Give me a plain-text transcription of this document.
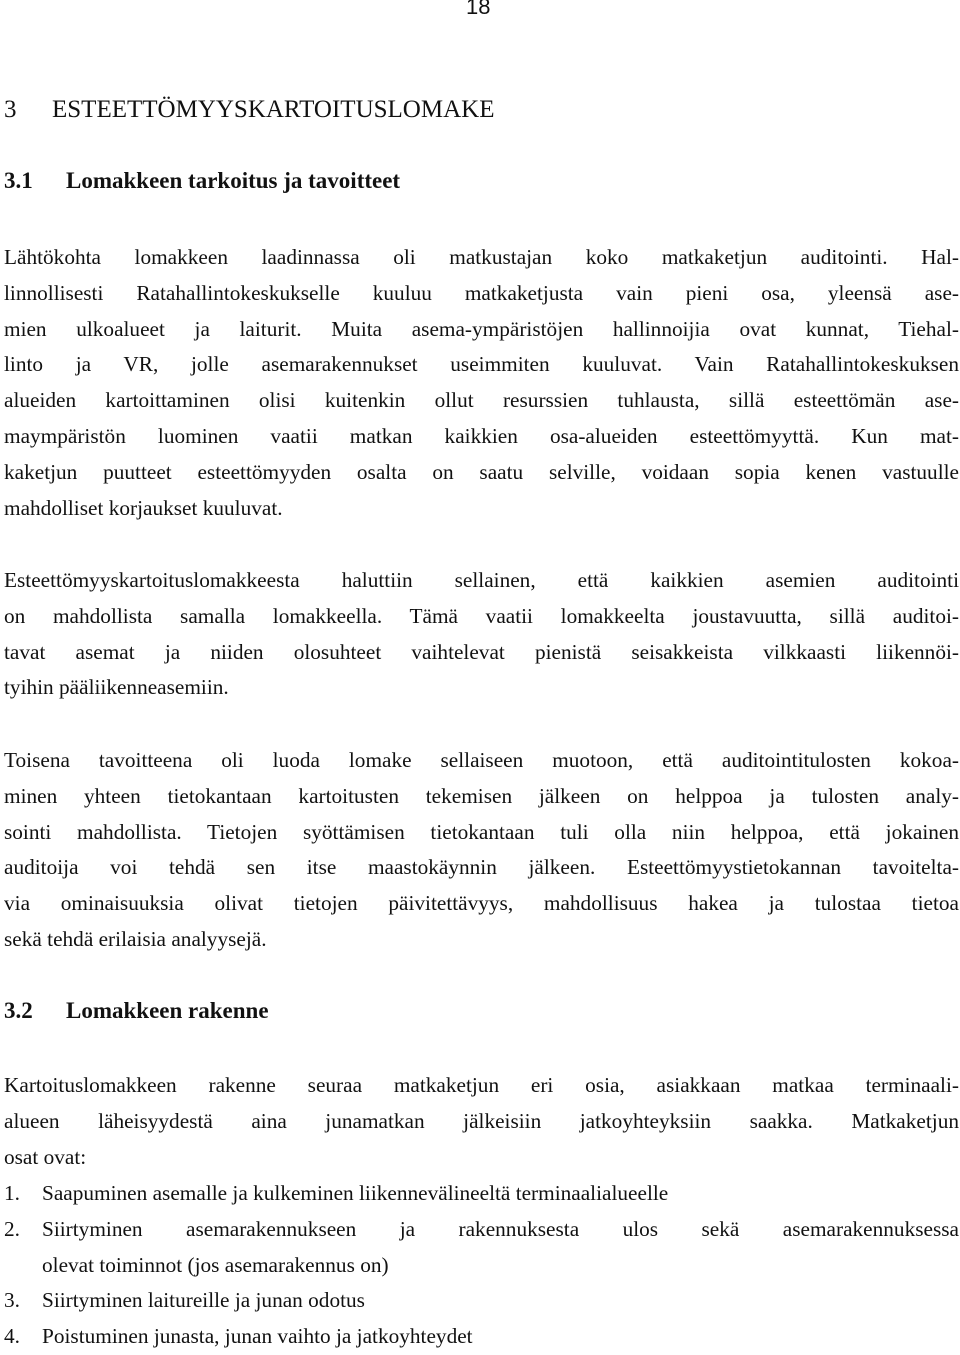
18
3 ESTEETTÖMYYSKARTOITUSLOMAKE
3.1 Lomakkeen tarkoitus ja tavoitteet
Lähtökohta lomakkeen laadinnassa oli matkustajan koko matkaketjun auditointi. Hal-
linnollisesti Ratahallintokeskukselle kuuluu matkaketjusta vain pieni osa, yleensä ase-
mien ulkoalueet ja laiturit. Muita asema-ympäristöjen hallinnoijia ovat kunnat, Tiehal-
linto ja VR, jolle asemarakennukset useimmiten kuuluvat. Vain Ratahallintokeskuksen
alueiden kartoittaminen olisi kuitenkin ollut resurssien tuhlausta, sillä esteettömän ase-
maympäristön luominen vaatii matkan kaikkien osa-alueiden esteettömyyttä. Kun mat-
kaketjun puutteet esteettömyyden osalta on saatu selville, voidaan sopia kenen vastuulle
mahdolliset korjaukset kuuluvat.
Esteettömyyskartoituslomakkeesta haluttiin sellainen, että kaikkien asemien auditointi
on mahdollista samalla lomakkeella. Tämä vaatii lomakkeelta joustavuutta, sillä auditoi-
tavat asemat ja niiden olosuhteet vaihtelevat pienistä seisakkeista vilkkaasti liikennöi-
tyihin pääliikenneasemiin.
Toisena tavoitteena oli luoda lomake sellaiseen muotoon, että auditointitulosten kokoa-
minen yhteen tietokantaan kartoitusten tekemisen jälkeen on helppoa ja tulosten analy-
sointi mahdollista. Tietojen syöttämisen tietokantaan tuli olla niin helppoa, että jokainen
auditoija voi tehdä sen itse maastokäynnin jälkeen. Esteettömyystietokannan tavoitelta-
via ominaisuuksia olivat tietojen päivitettävyys, mahdollisuus hakea ja tulostaa tietoa
sekä tehdä erilaisia analyysejä.
3.2 Lomakkeen rakenne
Kartoituslomakkeen rakenne seuraa matkaketjun eri osia, asiakkaan matkaa terminaali-
alueen läheisyydestä aina junamatkan jälkeisiin jatkoyhteyksiin saakka. Matkaketjun
osat ovat:
1. Saapuminen asemalle ja kulkeminen liikennevälineeltä terminaalialueelle
2. Siirtyminen asemarakennukseen ja rakennuksesta ulos sekä asemarakennuksessa
olevat toiminnot (jos asemarakennus on)
3. Siirtyminen laitureille ja junan odotus
4. Poistuminen junasta, junan vaihto ja jatkoyhteydet
